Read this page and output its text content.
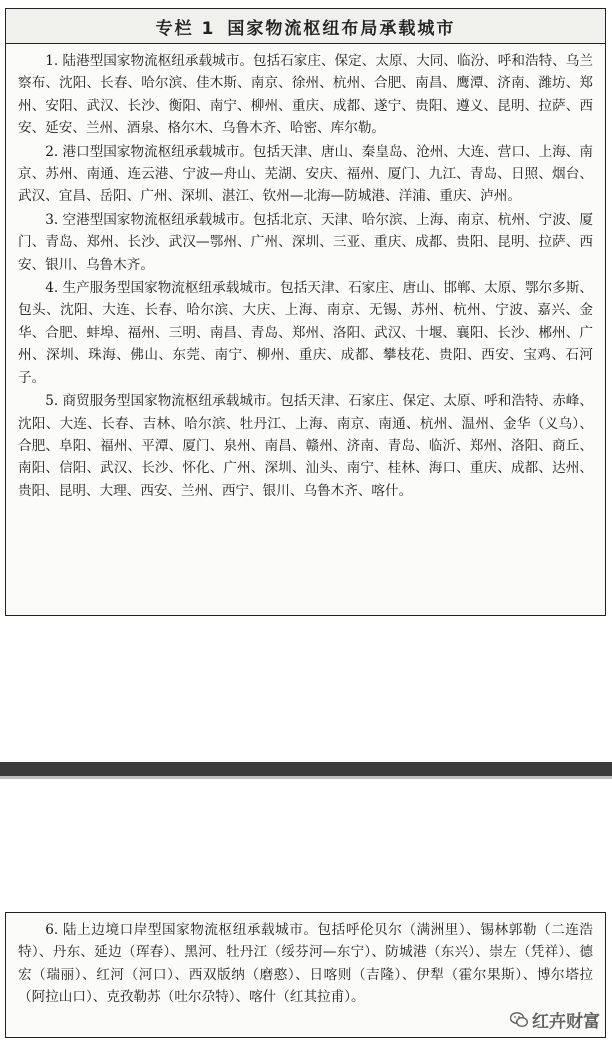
专栏 1 国家物流枢纽布局承载城市

1. 陆港型国家物流枢纽承载城市。包括石家庄、保定、太原、大同、临汾、呼和浩特、乌兰察布、沈阳、长春、哈尔滨、佳木斯、南京、徐州、杭州、合肥、南昌、鹰潭、济南、潍坊、郑州、安阳、武汉、长沙、衡阳、南宁、柳州、重庆、成都、遂宁、贵阳、遵义、昆明、拉萨、西安、延安、兰州、酒泉、格尔木、乌鲁木齐、哈密、库尔勒。

2. 港口型国家物流枢纽承载城市。包括天津、唐山、秦皇岛、沧州、大连、营口、上海、南京、苏州、南通、连云港、宁波—舟山、芜湖、安庆、福州、厦门、九江、青岛、日照、烟台、武汉、宜昌、岳阳、广州、深圳、湛江、钦州—北海—防城港、洋浦、重庆、泸州。

3. 空港型国家物流枢纽承载城市。包括北京、天津、哈尔滨、上海、南京、杭州、宁波、厦门、青岛、郑州、长沙、武汉—鄂州、广州、深圳、三亚、重庆、成都、贵阳、昆明、拉萨、西安、银川、乌鲁木齐。

4. 生产服务型国家物流枢纽承载城市。包括天津、石家庄、唐山、邯郸、太原、鄂尔多斯、包头、沈阳、大连、长春、哈尔滨、大庆、上海、南京、无锡、苏州、杭州、宁波、嘉兴、金华、合肥、蚌埠、福州、三明、南昌、青岛、郑州、洛阳、武汉、十堰、襄阳、长沙、郴州、广州、深圳、珠海、佛山、东莞、南宁、柳州、重庆、成都、攀枝花、贵阳、西安、宝鸡、石河子。

5. 商贸服务型国家物流枢纽承载城市。包括天津、石家庄、保定、太原、呼和浩特、赤峰、沈阳、大连、长春、吉林、哈尔滨、牡丹江、上海、南京、南通、杭州、温州、金华（义乌）、合肥、阜阳、福州、平潭、厦门、泉州、南昌、赣州、济南、青岛、临沂、郑州、洛阳、商丘、南阳、信阳、武汉、长沙、怀化、广州、深圳、汕头、南宁、桂林、海口、重庆、成都、达州、贵阳、昆明、大理、西安、兰州、西宁、银川、乌鲁木齐、喀什。

6. 陆上边境口岸型国家物流枢纽承载城市。包括呼伦贝尔（满洲里）、锡林郭勒（二连浩特）、丹东、延边（珲春）、黑河、牡丹江（绥芬河—东宁）、防城港（东兴）、崇左（凭祥）、德宏（瑞丽）、红河（河口）、西双版纳（磨憨）、日喀则（吉隆）、伊犁（霍尔果斯）、博尔塔拉（阿拉山口）、克孜勒苏（吐尔尕特）、喀什（红其拉甫）。

红卉财富
